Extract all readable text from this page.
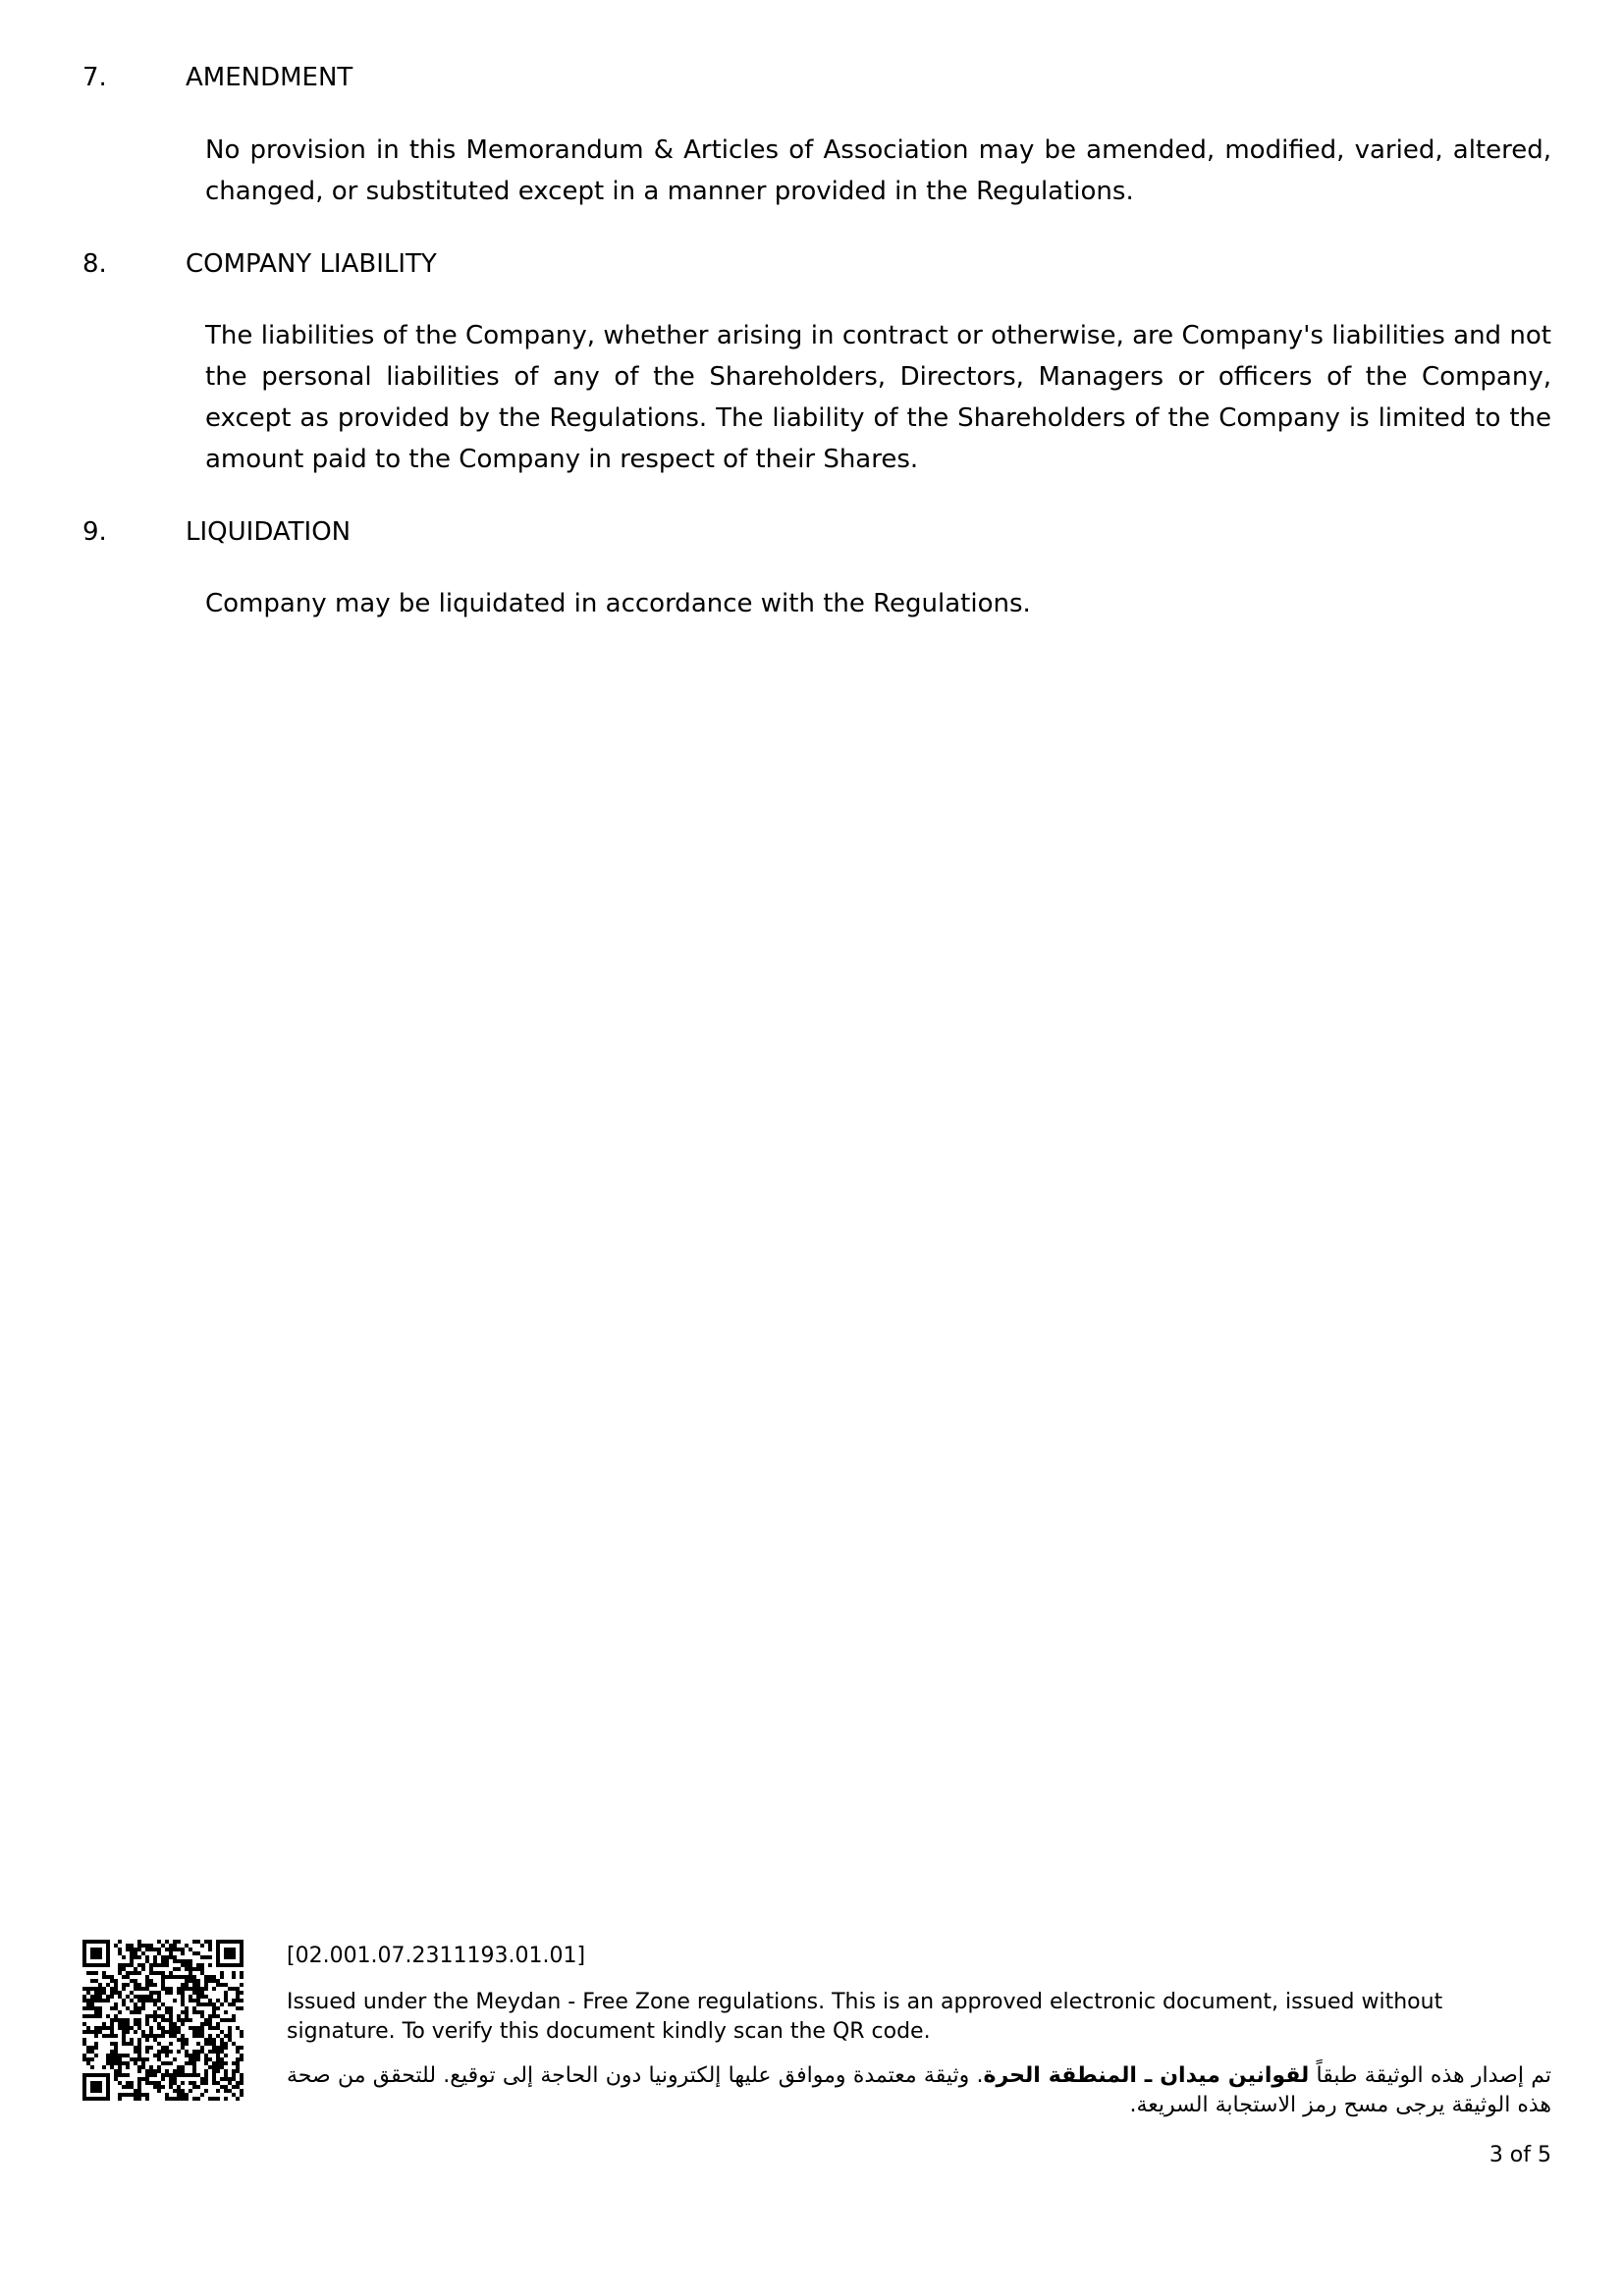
7.	AMENDMENT
No provision in this Memorandum & Articles of Association may be amended, modified, varied, altered, changed, or substituted except in a manner provided in the Regulations.
8.	COMPANY LIABILITY
The liabilities of the Company, whether arising in contract or otherwise, are Company's liabilities and not the personal liabilities of any of the Shareholders, Directors, Managers or officers of the Company, except as provided by the Regulations. The liability of the Shareholders of the Company is limited to the amount paid to the Company in respect of their Shares.
9.	LIQUIDATION
Company may be liquidated in accordance with the Regulations.
[02.001.07.2311193.01.01]
Issued under the Meydan - Free Zone regulations. This is an approved electronic document, issued without signature. To verify this document kindly scan the QR code.
تم إصدار هذه الوثيقة طبقاً لقوانين ميدان ـ المنطقة الحرة. وثيقة معتمدة وموافق عليها إلكترونيا دون الحاجة إلى توقيع. للتحقق من صحة هذه الوثيقة يرجى مسح رمز الاستجابة السريعة.
3 of 5
